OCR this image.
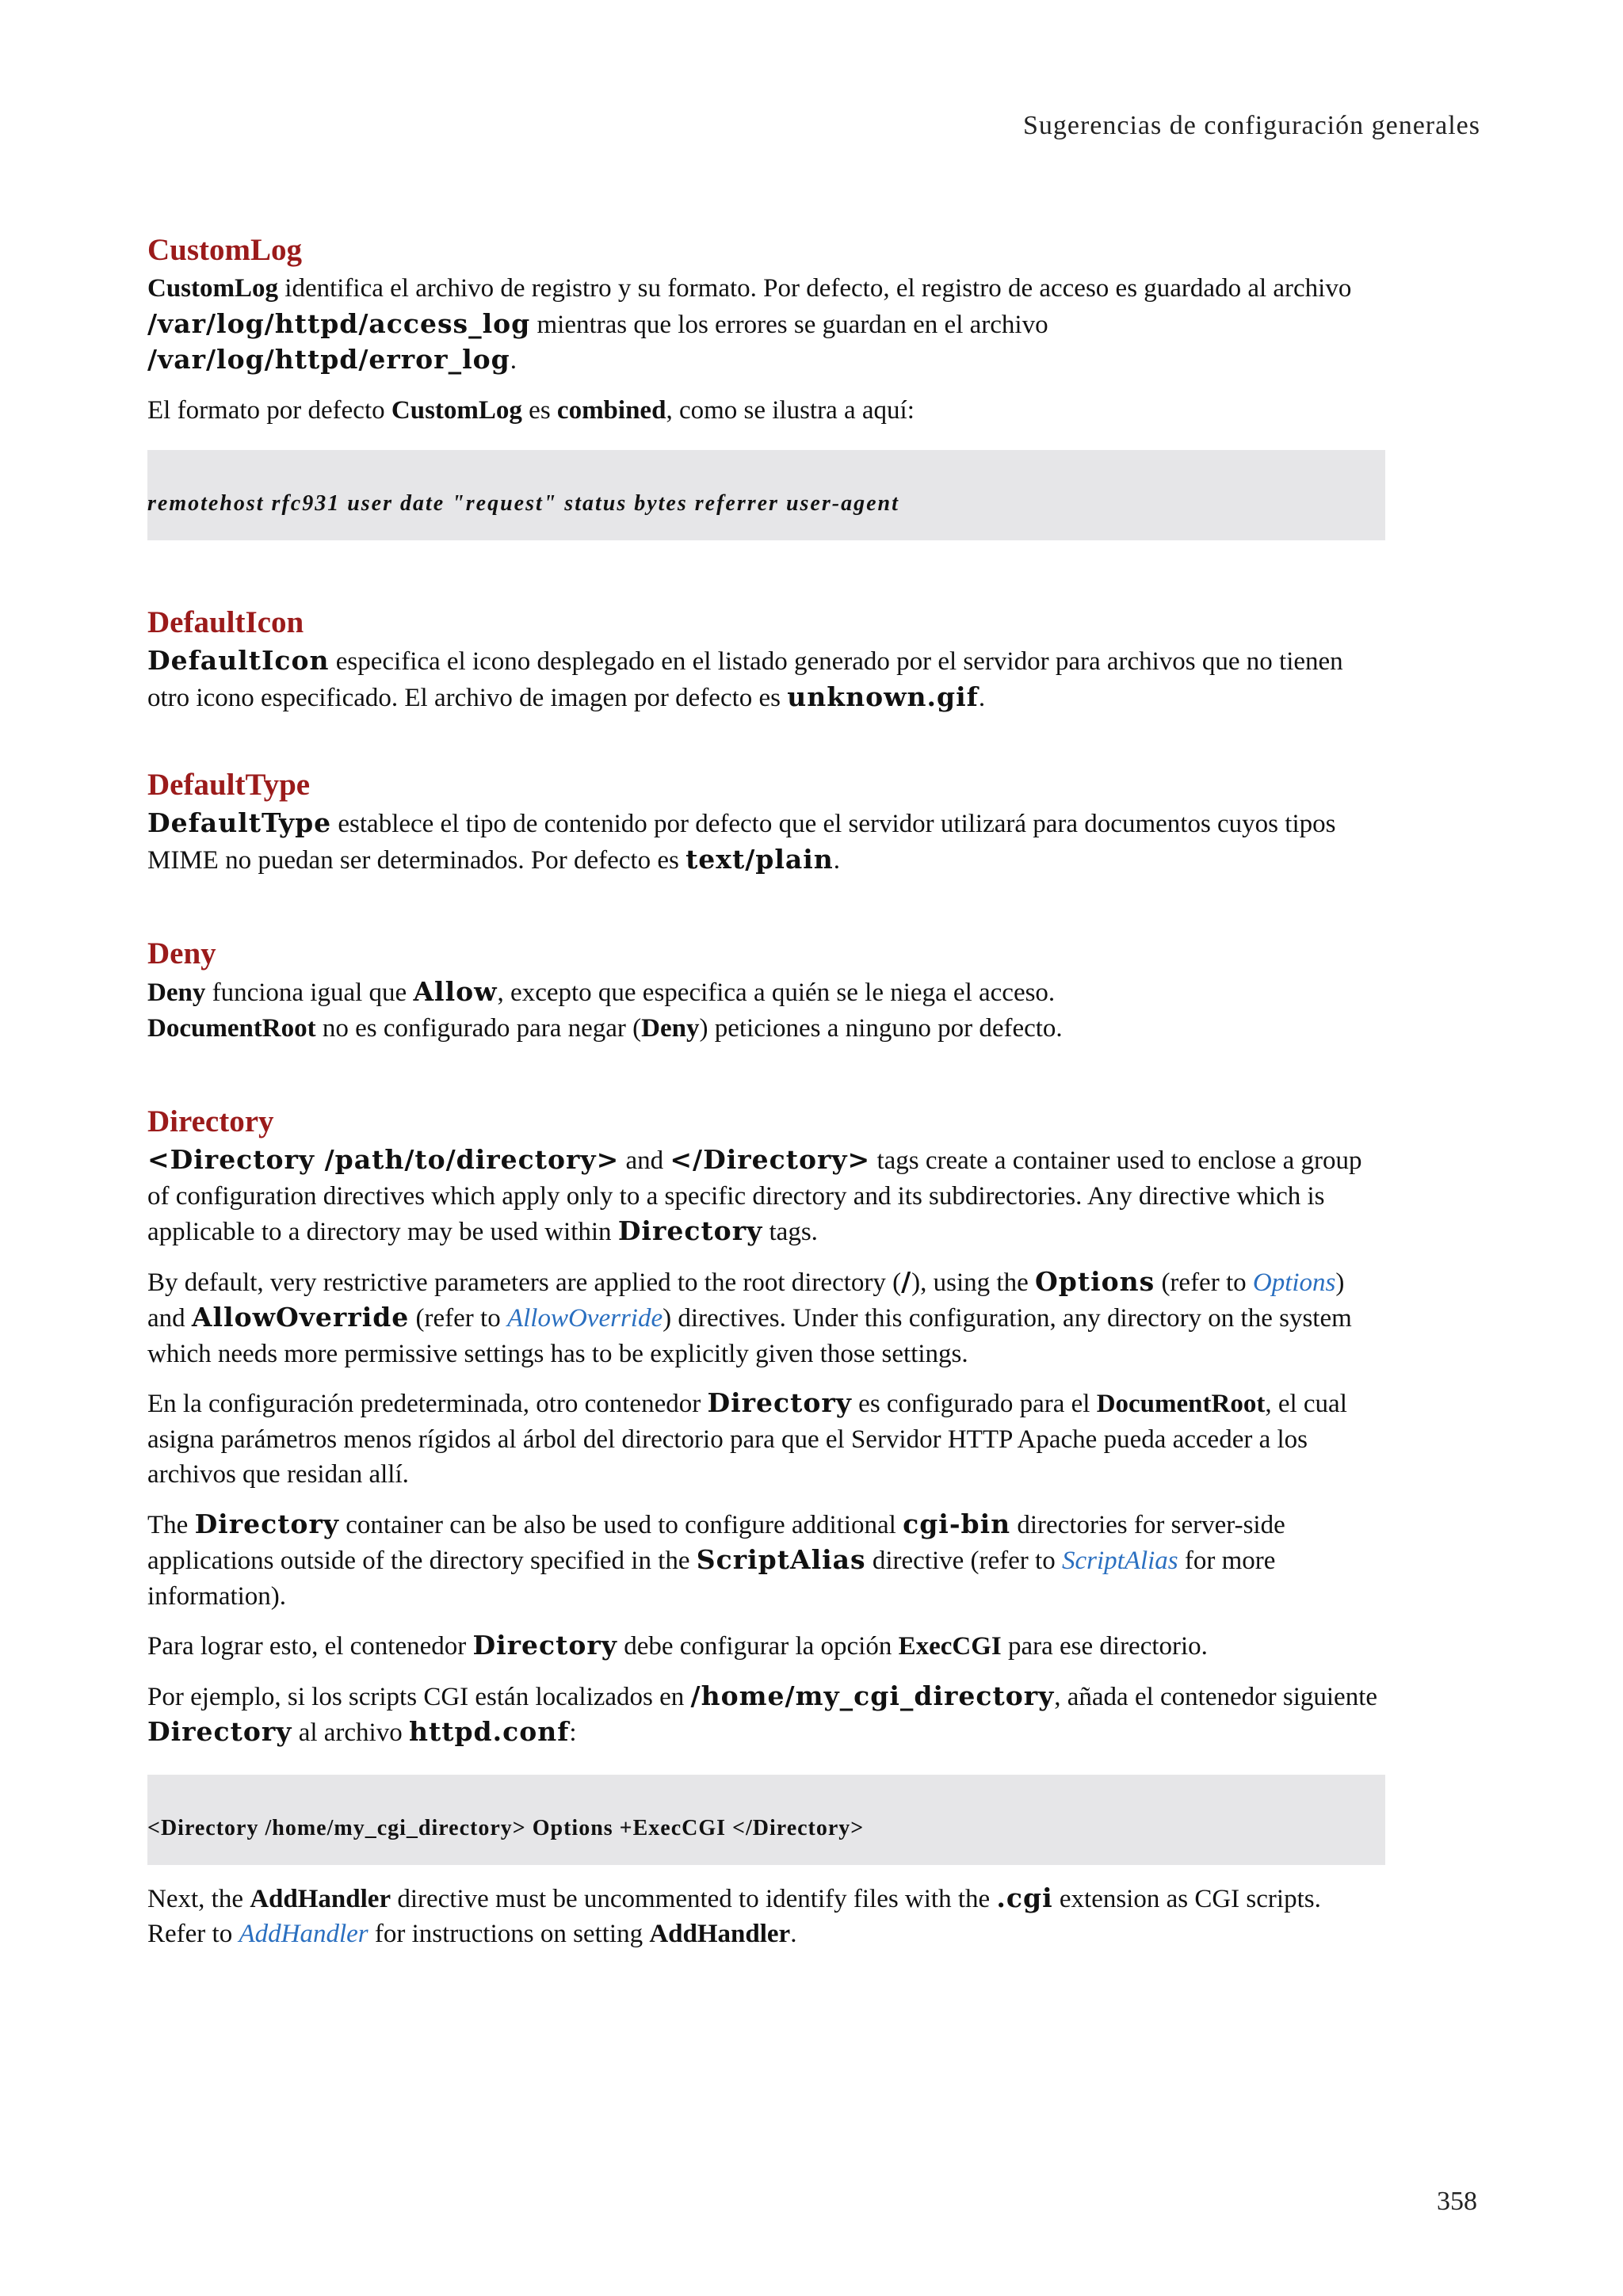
Sugerencias de configuración generales
CustomLog

CustomLog identifica el archivo de registro y su formato. Por defecto, el registro de acceso es guardado al archivo /var/log/httpd/access_log mientras que los errores se guardan en el archivo /var/log/httpd/error_log.

El formato por defecto CustomLog es combined, como se ilustra a aquí:

remotehost rfc931 user date "request" status bytes referrer user-agent
DefaultIcon

DefaultIcon especifica el icono desplegado en el listado generado por el servidor para archivos que no tienen otro icono especificado. El archivo de imagen por defecto es unknown.gif.

DefaultType

DefaultType establece el tipo de contenido por defecto que el servidor utilizará para documentos cuyos tipos MIME no puedan ser determinados. Por defecto es text/plain.

Deny

Deny funciona igual que Allow, excepto que especifica a quién se le niega el acceso.

DocumentRoot no es configurado para negar (Deny) peticiones a ninguno por defecto.

Directory

<Directory /path/to/directory> and </Directory> tags create a container used to enclose a group of configuration directives which apply only to a specific directory and its subdirectories. Any directive which is applicable to a directory may be used within Directory tags.

By default, very restrictive parameters are applied to the root directory (/), using the Options (refer to Options) and AllowOverride (refer to AllowOverride) directives. Under this configuration, any directory on the system which needs more permissive settings has to be explicitly given those settings.

En la configuración predeterminada, otro contenedor Directory es configurado para el DocumentRoot, el cual asigna parámetros menos rígidos al árbol del directorio para que el Servidor HTTP Apache pueda acceder a los archivos que residan allí.

The Directory container can be also be used to configure additional cgi-bin directories for server-side applications outside of the directory specified in the ScriptAlias directive (refer to ScriptAlias for more information).

Para lograr esto, el contenedor Directory debe configurar la opción ExecCGI para ese directorio.

Por ejemplo, si los scripts CGI están localizados en /home/my_cgi_directory, añada el contenedor siguiente Directory al archivo httpd.conf:

<Directory /home/my_cgi_directory> Options +ExecCGI </Directory>

Next, the AddHandler directive must be uncommented to identify files with the .cgi extension as CGI scripts. Refer to AddHandler for instructions on setting AddHandler.

358
